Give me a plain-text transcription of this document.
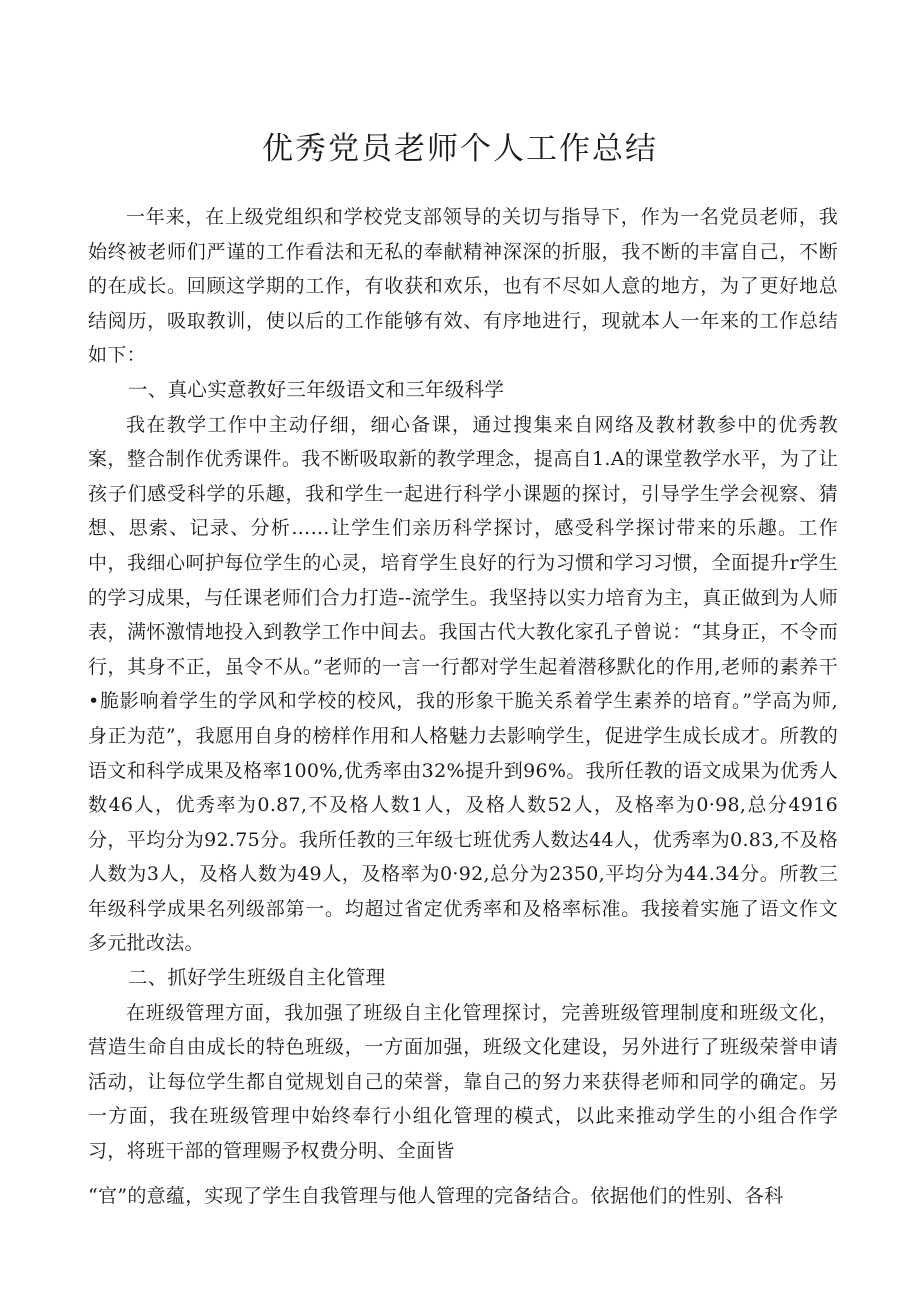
优秀党员老师个人工作总结

一年来，在上级党组织和学校党支部领导的关切与指导下，作为一名党员老师，我始终被老师们严谨的工作看法和无私的奉献精神深深的折服，我不断的丰富自己，不断的在成长。回顾这学期的工作，有收获和欢乐，也有不尽如人意的地方，为了更好地总结阅历，吸取教训，使以后的工作能够有效、有序地进行，现就本人一年来的工作总结如下：

一、真心实意教好三年级语文和三年级科学

我在教学工作中主动仔细，细心备课，通过搜集来自网络及教材教参中的优秀教案，整合制作优秀课件。我不断吸取新的教学理念，提高自1.A的课堂教学水平，为了让孩子们感受科学的乐趣，我和学生一起进行科学小课题的探讨，引导学生学会视察、猜想、思索、记录、分析……让学生们亲历科学探讨，感受科学探讨带来的乐趣。工作中，我细心呵护每位学生的心灵，培育学生良好的行为习惯和学习习惯，全面提升r学生的学习成果，与任课老师们合力打造--流学生。我坚持以实力培育为主，真正做到为人师表，满怀激情地投入到教学工作中间去。我国古代大教化家孔子曾说：“其身正，不令而行，其身不正，虽令不从。”老师的一言一行都对学生起着潜移默化的作用,老师的素养干•脆影响着学生的学风和学校的校风，我的形象干脆关系着学生素养的培育。”学高为师,身正为范”，我愿用自身的榜样作用和人格魅力去影响学生，促进学生成长成才。所教的语文和科学成果及格率100%,优秀率由32%提升到96%。我所任教的语文成果为优秀人数46人，优秀率为0.87,不及格人数1人，及格人数52人，及格率为0·98,总分4916分，平均分为92.75分。我所任教的三年级七班优秀人数达44人，优秀率为0.83,不及格人数为3人，及格人数为49人，及格率为0·92,总分为2350,平均分为44.34分。所教三年级科学成果名列级部第一。均超过省定优秀率和及格率标准。我接着实施了语文作文多元批改法。

二、抓好学生班级自主化管理

在班级管理方面，我加强了班级自主化管理探讨，完善班级管理制度和班级文化，营造生命自由成长的特色班级，一方面加强，班级文化建设，另外进行了班级荣誉申请活动，让每位学生都自觉规划自己的荣誉，靠自己的努力来获得老师和同学的确定。另一方面，我在班级管理中始终奉行小组化管理的模式，以此来推动学生的小组合作学习，将班干部的管理赐予权费分明、全面皆

“官”的意蕴，实现了学生自我管理与他人管理的完备结合。依据他们的性别、各科
